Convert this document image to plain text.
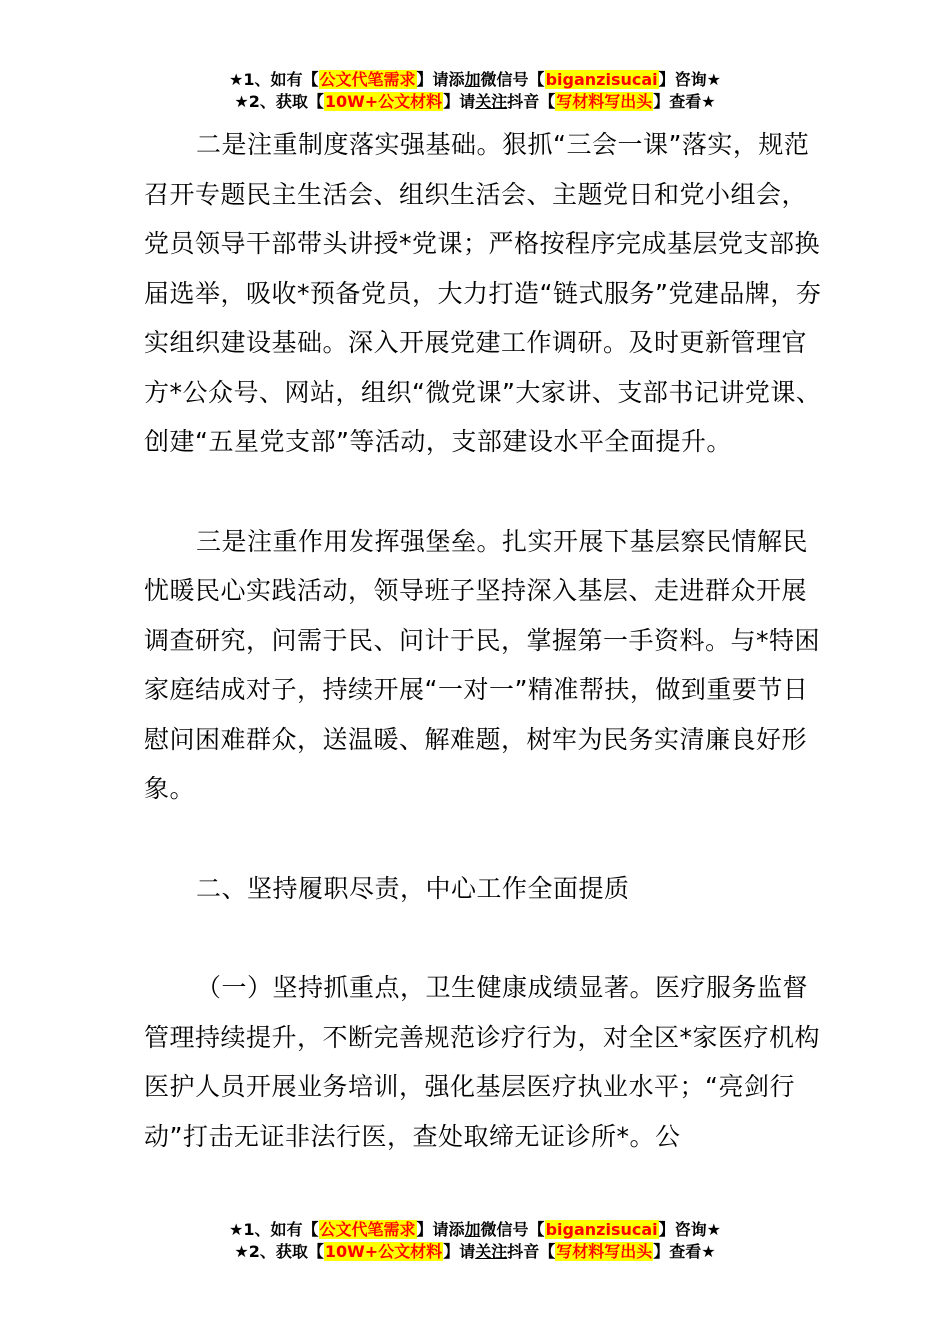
★1、如有【公文代笔需求】请添加微信号【biganzisucai】咨询★
★2、获取【10W+公文材料】请关注抖音【写材料写出头】查看★

二是注重制度落实强基础。狠抓“三会一课”落实，规范召开专题民主生活会、组织生活会、主题党日和党小组会，党员领导干部带头讲授*党课；严格按程序完成基层党支部换届选举，吸收*预备党员，大力打造“链式服务”党建品牌，夯实组织建设基础。深入开展党建工作调研。及时更新管理官方*公众号、网站，组织“微党课”大家讲、支部书记讲党课、创建“五星党支部”等活动，支部建设水平全面提升。

三是注重作用发挥强堡垒。扎实开展下基层察民情解民忧暖民心实践活动，领导班子坚持深入基层、走进群众开展调查研究，问需于民、问计于民，掌握第一手资料。与*特困家庭结成对子，持续开展“一对一”精准帮扶，做到重要节日慰问困难群众，送温暖、解难题，树牢为民务实清廉良好形象。

二、坚持履职尽责，中心工作全面提质

（一）坚持抓重点，卫生健康成绩显著。医疗服务监督管理持续提升，不断完善规范诊疗行为，对全区*家医疗机构医护人员开展业务培训，强化基层医疗执业水平；“亮剑行动”打击无证非法行医，查处取缔无证诊所*。公

★1、如有【公文代笔需求】请添加微信号【biganzisucai】咨询★
★2、获取【10W+公文材料】请关注抖音【写材料写出头】查看★
